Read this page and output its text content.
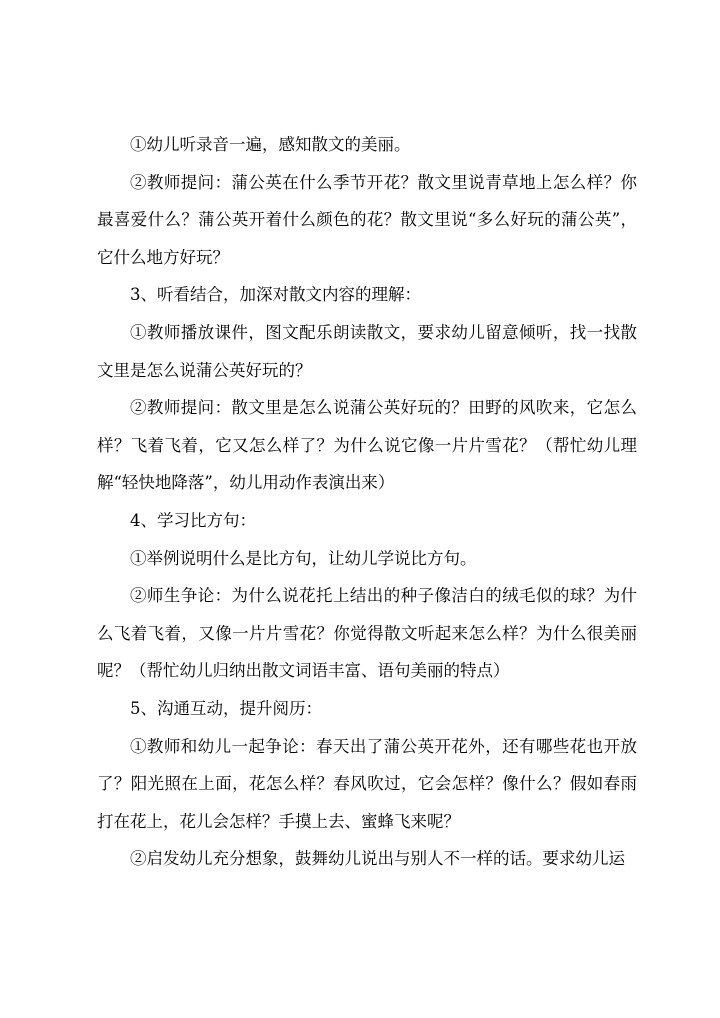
①幼儿听录音一遍，感知散文的美丽。

②教师提问：蒲公英在什么季节开花？散文里说青草地上怎么样？你最喜爱什么？蒲公英开着什么颜色的花？散文里说“多么好玩的蒲公英”，它什么地方好玩？

3、听看结合，加深对散文内容的理解：

①教师播放课件，图文配乐朗读散文，要求幼儿留意倾听，找一找散文里是怎么说蒲公英好玩的？

②教师提问：散文里是怎么说蒲公英好玩的？田野的风吹来，它怎么样？飞着飞着，它又怎么样了？为什么说它像一片片雪花？（帮忙幼儿理解“轻快地降落”，幼儿用动作表演出来）

4、学习比方句：

①举例说明什么是比方句，让幼儿学说比方句。

②师生争论：为什么说花托上结出的种子像洁白的绒毛似的球？为什么飞着飞着，又像一片片雪花？你觉得散文听起来怎么样？为什么很美丽呢？（帮忙幼儿归纳出散文词语丰富、语句美丽的特点）

5、沟通互动，提升阅历：

①教师和幼儿一起争论：春天出了蒲公英开花外，还有哪些花也开放了？阳光照在上面，花怎么样？春风吹过，它会怎样？像什么？假如春雨打在花上，花儿会怎样？手摸上去、蜜蜂飞来呢？

②启发幼儿充分想象，鼓舞幼儿说出与别人不一样的话。要求幼儿运
